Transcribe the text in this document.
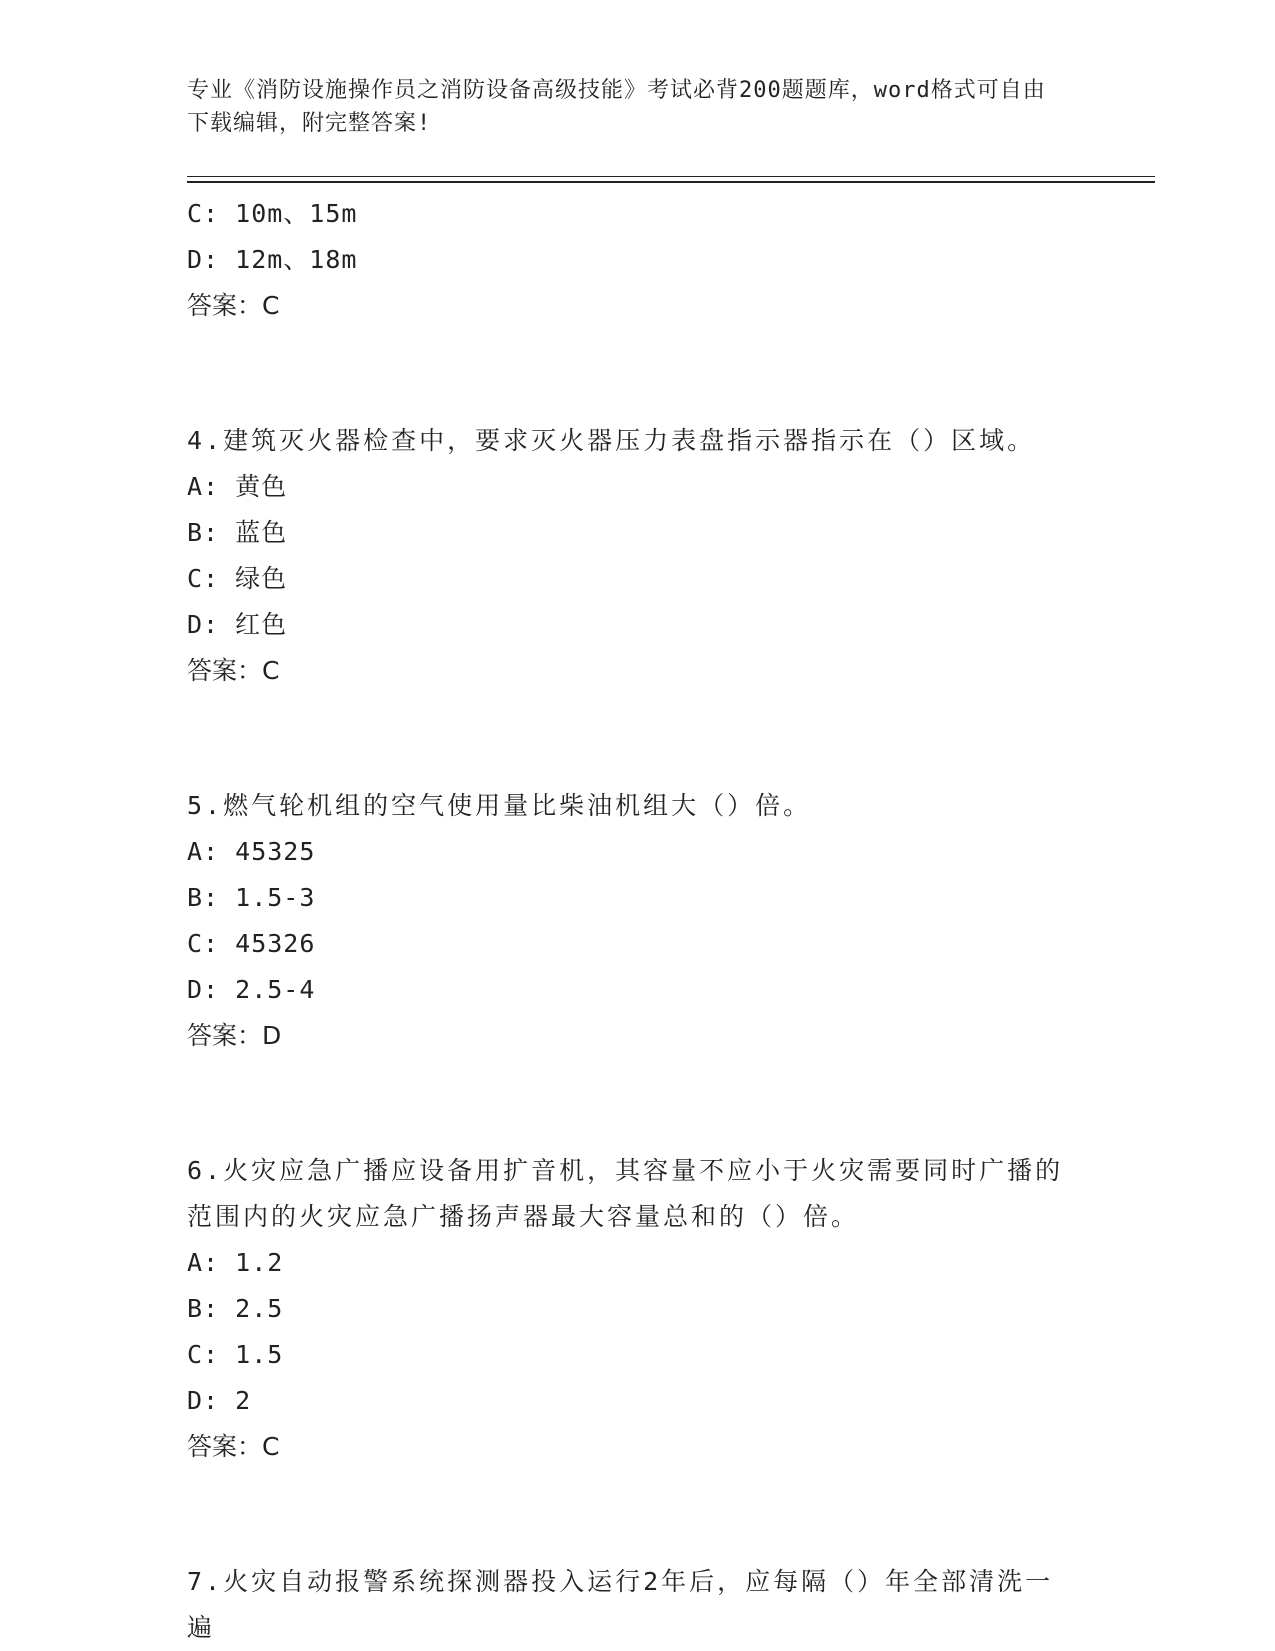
专业《消防设施操作员之消防设备高级技能》考试必背200题题库，word格式可自由下载编辑，附完整答案!
C: 10m、15m
D: 12m、18m
答案：C
4.建筑灭火器检查中，要求灭火器压力表盘指示器指示在（）区域。
A: 黄色
B: 蓝色
C: 绿色
D: 红色
答案：C
5.燃气轮机组的空气使用量比柴油机组大（）倍。
A: 45325
B: 1.5-3
C: 45326
D: 2.5-4
答案：D
6.火灾应急广播应设备用扩音机，其容量不应小于火灾需要同时广播的范围内的火灾应急广播扬声器最大容量总和的（）倍。
A: 1.2
B: 2.5
C: 1.5
D: 2
答案：C
7.火灾自动报警系统探测器投入运行2年后，应每隔（）年全部清洗一遍
